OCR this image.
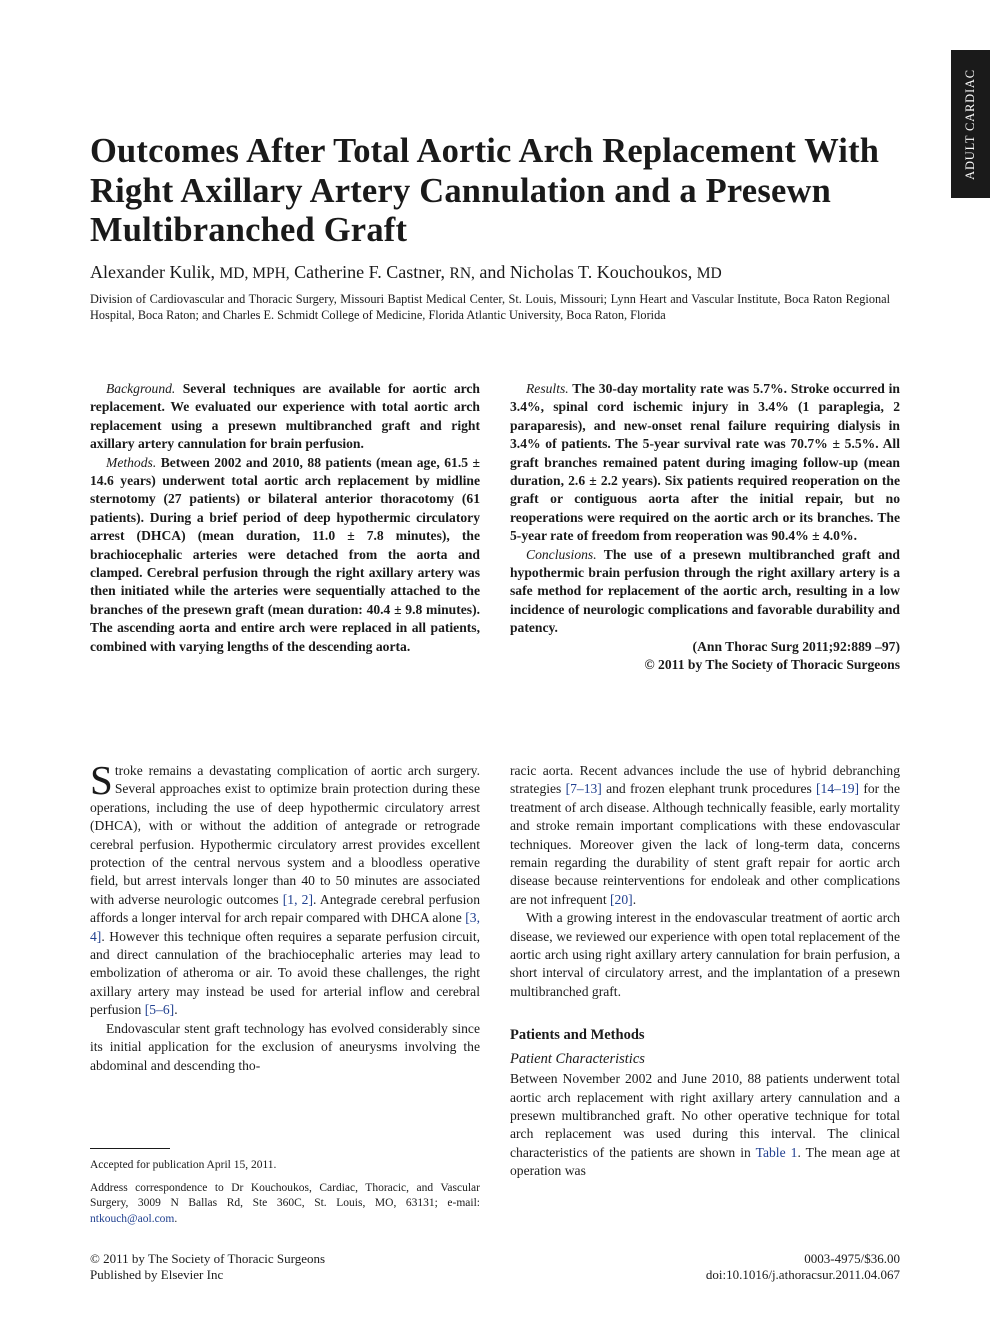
ADULT CARDIAC
Outcomes After Total Aortic Arch Replacement With Right Axillary Artery Cannulation and a Presewn Multibranched Graft
Alexander Kulik, MD, MPH, Catherine F. Castner, RN, and Nicholas T. Kouchoukos, MD
Division of Cardiovascular and Thoracic Surgery, Missouri Baptist Medical Center, St. Louis, Missouri; Lynn Heart and Vascular Institute, Boca Raton Regional Hospital, Boca Raton; and Charles E. Schmidt College of Medicine, Florida Atlantic University, Boca Raton, Florida

Background. Several techniques are available for aortic arch replacement. We evaluated our experience with total aortic arch replacement using a presewn multibranched graft and right axillary artery cannulation for brain perfusion.

Methods. Between 2002 and 2010, 88 patients (mean age, 61.5 ± 14.6 years) underwent total aortic arch replacement by midline sternotomy (27 patients) or bilateral anterior thoracotomy (61 patients). During a brief period of deep hypothermic circulatory arrest (DHCA) (mean duration, 11.0 ± 7.8 minutes), the brachiocephalic arteries were detached from the aorta and clamped. Cerebral perfusion through the right axillary artery was then initiated while the arteries were sequentially attached to the branches of the presewn graft (mean duration: 40.4 ± 9.8 minutes). The ascending aorta and entire arch were replaced in all patients, combined with varying lengths of the descending aorta.

Results. The 30-day mortality rate was 5.7%. Stroke occurred in 3.4%, spinal cord ischemic injury in 3.4% (1 paraplegia, 2 paraparesis), and new-onset renal failure requiring dialysis in 3.4% of patients. The 5-year survival rate was 70.7% ± 5.5%. All graft branches remained patent during imaging follow-up (mean duration, 2.6 ± 2.2 years). Six patients required reoperation on the graft or contiguous aorta after the initial repair, but no reoperations were required on the aortic arch or its branches. The 5-year rate of freedom from reoperation was 90.4% ± 4.0%.

Conclusions. The use of a presewn multibranched graft and hypothermic brain perfusion through the right axillary artery is a safe method for replacement of the aortic arch, resulting in a low incidence of neurologic complications and favorable durability and patency.

(Ann Thorac Surg 2011;92:889 –97)

© 2011 by The Society of Thoracic Surgeons

Stroke remains a devastating complication of aortic arch surgery. Several approaches exist to optimize brain protection during these operations, including the use of deep hypothermic circulatory arrest (DHCA), with or without the addition of antegrade or retrograde cerebral perfusion. Hypothermic circulatory arrest provides excellent protection of the central nervous system and a bloodless operative field, but arrest intervals longer than 40 to 50 minutes are associated with adverse neurologic outcomes [1, 2]. Antegrade cerebral perfusion affords a longer interval for arch repair compared with DHCA alone [3, 4]. However this technique often requires a separate perfusion circuit, and direct cannulation of the brachiocephalic arteries may lead to embolization of atheroma or air. To avoid these challenges, the right axillary artery may instead be used for arterial inflow and cerebral perfusion [5–6].

Endovascular stent graft technology has evolved considerably since its initial application for the exclusion of aneurysms involving the abdominal and descending tho-

Accepted for publication April 15, 2011.

Address correspondence to Dr Kouchoukos, Cardiac, Thoracic, and Vascular Surgery, 3009 N Ballas Rd, Ste 360C, St. Louis, MO, 63131; e-mail: ntkouch@aol.com.

racic aorta. Recent advances include the use of hybrid debranching strategies [7–13] and frozen elephant trunk procedures [14–19] for the treatment of arch disease. Although technically feasible, early mortality and stroke remain important complications with these endovascular techniques. Moreover given the lack of long-term data, concerns remain regarding the durability of stent graft repair for aortic arch disease because reinterventions for endoleak and other complications are not infrequent [20].

With a growing interest in the endovascular treatment of aortic arch disease, we reviewed our experience with open total replacement of the aortic arch using right axillary artery cannulation for brain perfusion, a short interval of circulatory arrest, and the implantation of a presewn multibranched graft.

Patients and Methods
Patient Characteristics

Between November 2002 and June 2010, 88 patients underwent total aortic arch replacement with right axillary artery cannulation and a presewn multibranched graft. No other operative technique for total arch replacement was used during this interval. The clinical characteristics of the patients are shown in Table 1. The mean age at operation was

© 2011 by The Society of Thoracic Surgeons
Published by Elsevier Inc
0003-4975/$36.00
doi:10.1016/j.athoracsur.2011.04.067
